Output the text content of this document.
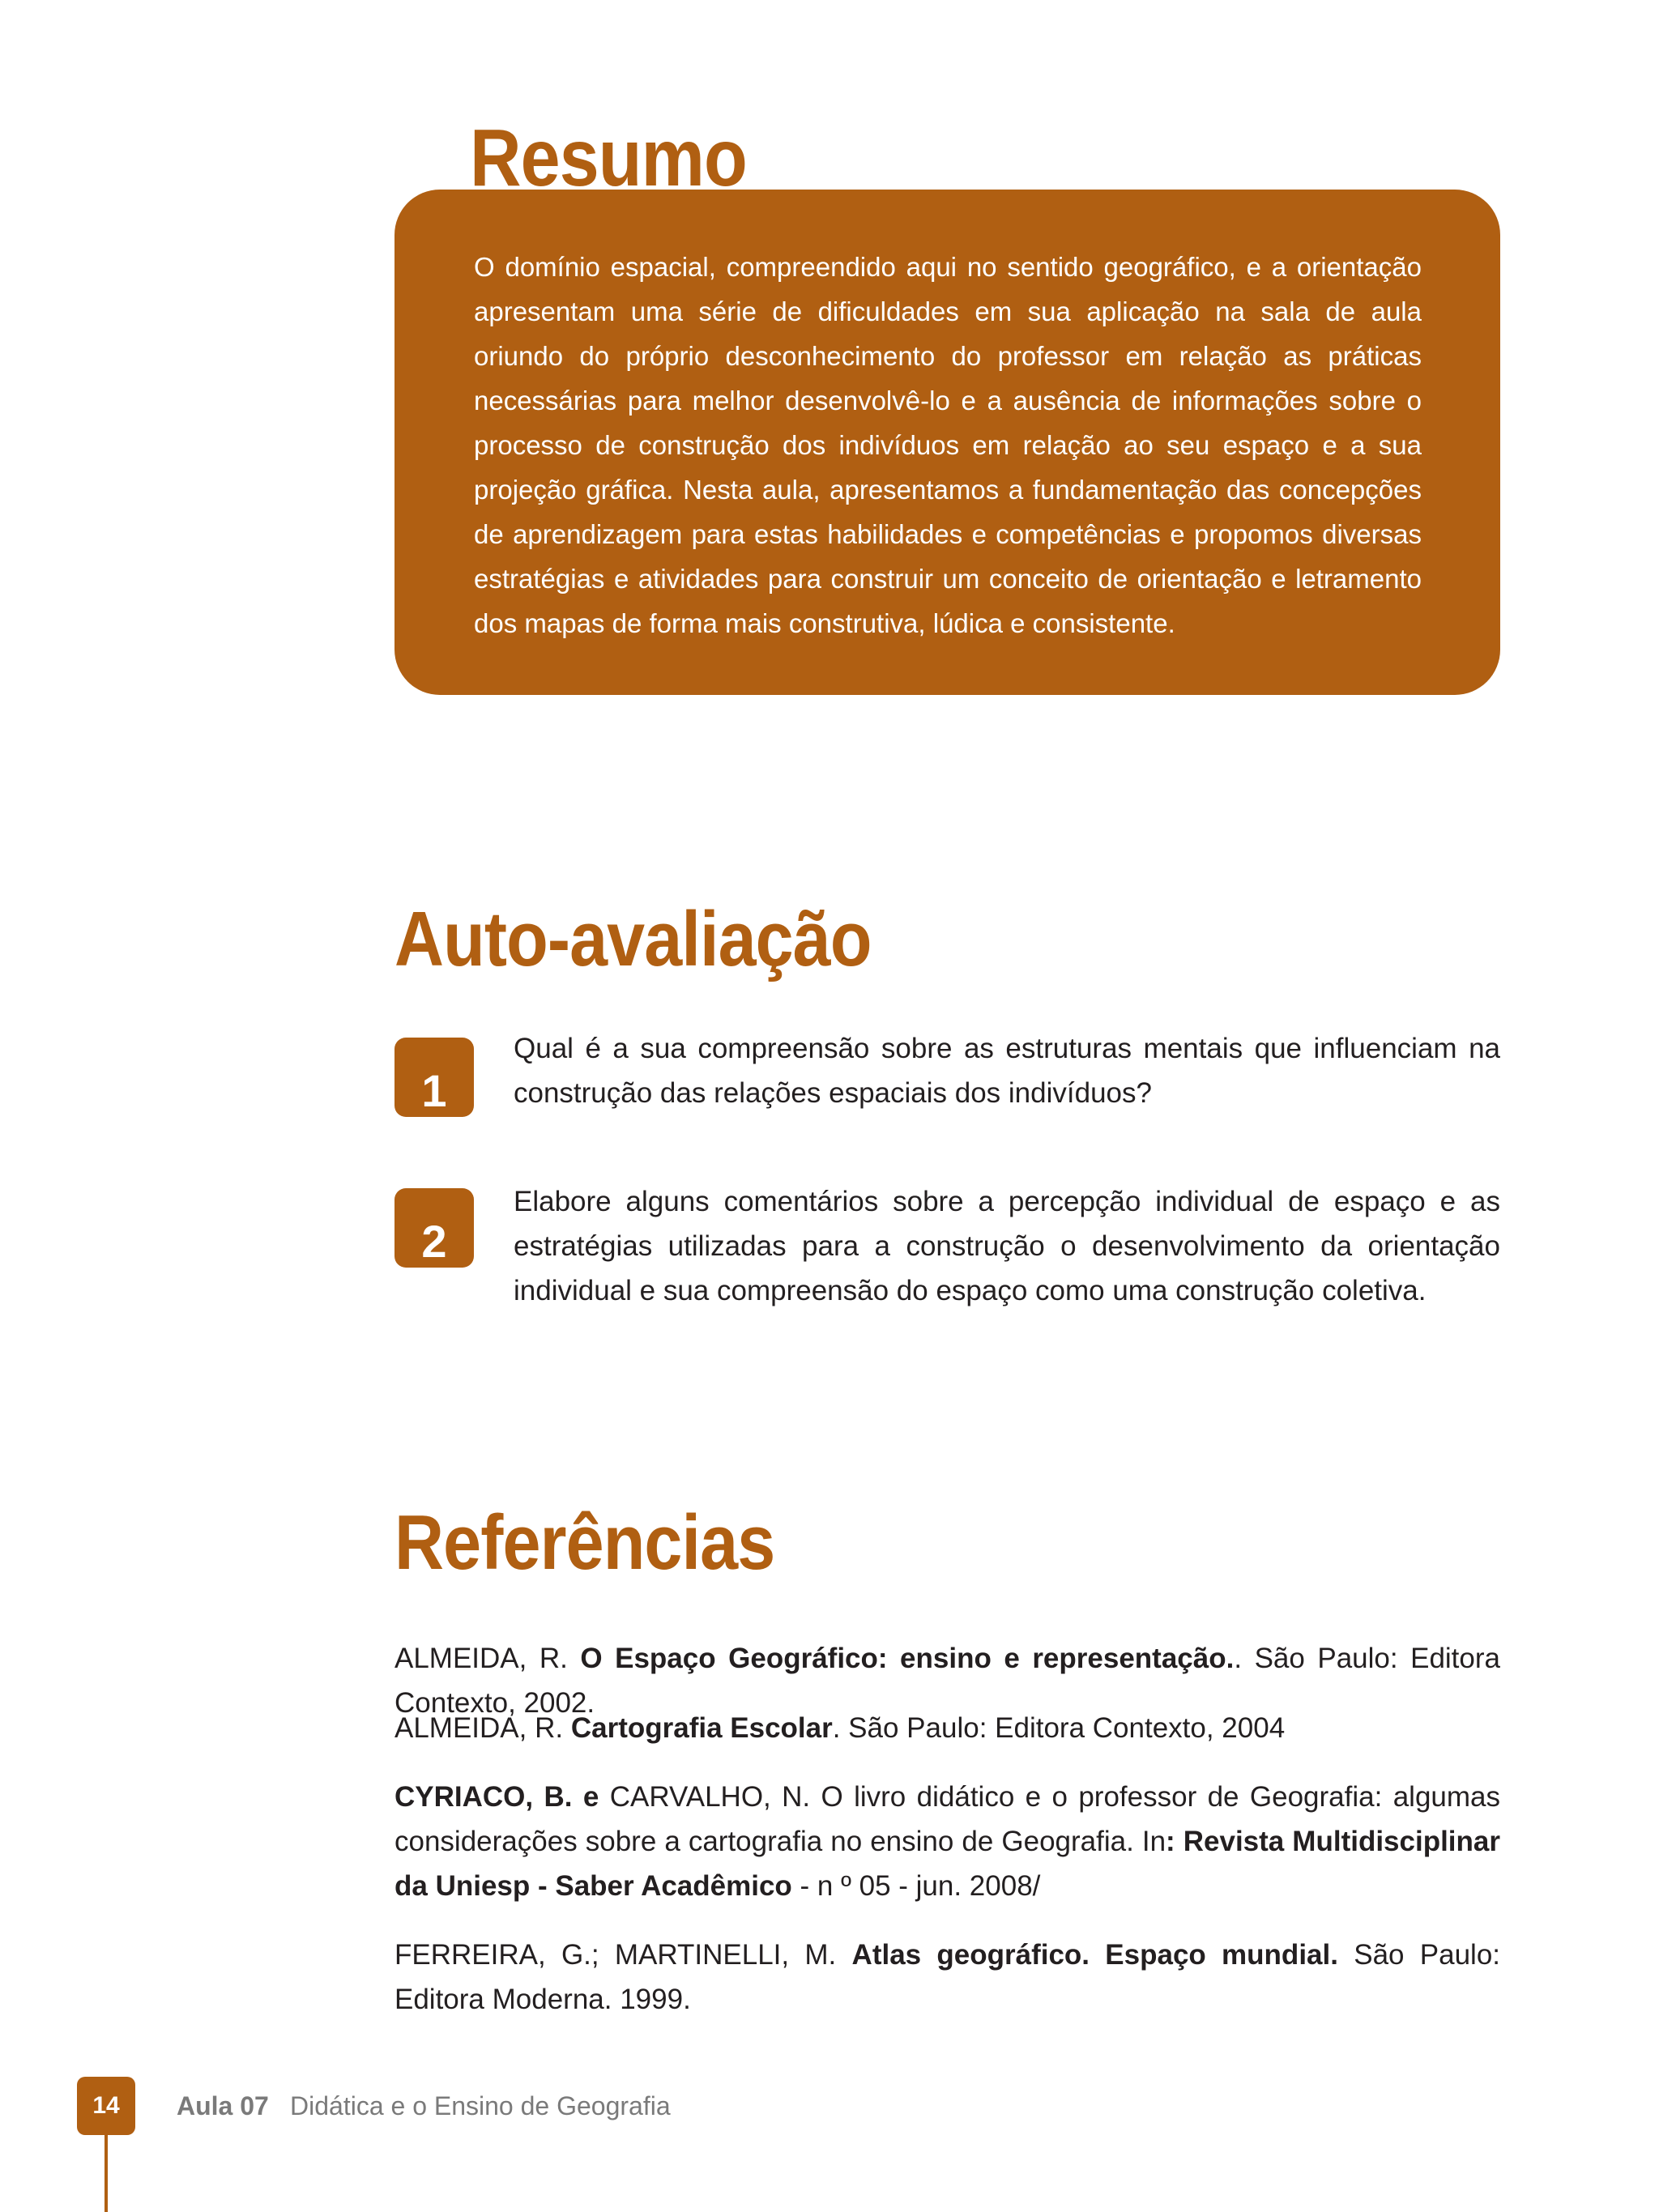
Resumo

O domínio espacial, compreendido aqui no sentido geográfico, e a orientação apresentam uma série de dificuldades em sua aplicação na sala de aula oriundo do próprio desconhecimento do professor em relação as práticas necessárias para melhor desenvolvê-lo e a ausência de informações sobre o processo de construção dos indivíduos em relação ao seu espaço e a sua projeção gráfica. Nesta aula, apresentamos a fundamentação das concepções de aprendizagem para estas habilidades e competências e propomos diversas estratégias e atividades para construir um conceito de orientação e letramento dos mapas de forma mais construtiva, lúdica e consistente.

Auto-avaliação
1

Qual é a sua compreensão sobre as estruturas mentais que influenciam na construção das relações espaciais dos indivíduos?

2

Elabore alguns comentários sobre a percepção individual de espaço e as estratégias utilizadas para a construção o desenvolvimento da orientação individual e sua compreensão do espaço como uma construção coletiva.

Referências

ALMEIDA, R. O Espaço Geográfico: ensino e representação.. São Paulo: Editora Contexto, 2002.

ALMEIDA, R. Cartografia Escolar. São Paulo: Editora Contexto, 2004

CYRIACO, B. e CARVALHO, N. O livro didático e o professor de Geografia: algumas considerações sobre a cartografia no ensino de Geografia. In: Revista Multidisciplinar da Uniesp - Saber Acadêmico - n º 05 - jun. 2008/

FERREIRA, G.; MARTINELLI, M. Atlas geográfico. Espaço mundial. São Paulo: Editora Moderna. 1999.

14	Aula 07 Didática e o Ensino de Geografia
